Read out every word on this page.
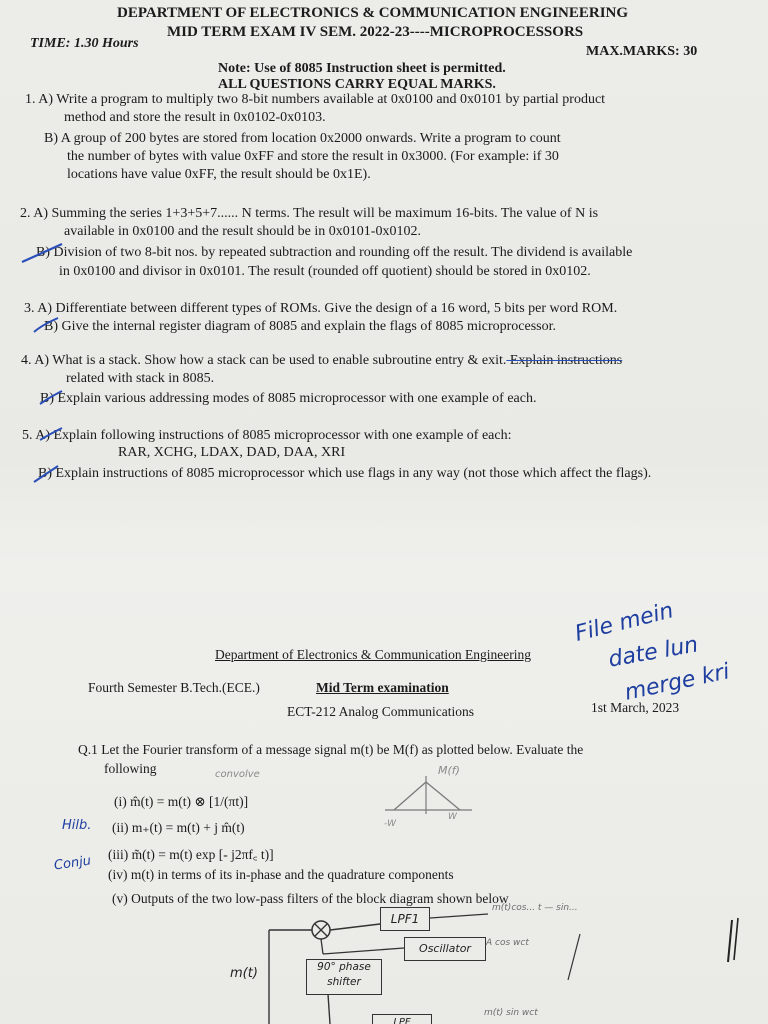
DEPARTMENT OF ELECTRONICS & COMMUNICATION ENGINEERING
MID TERM EXAM IV SEM. 2022-23----MICROPROCESSORS
TIME: 1.30 Hours
MAX.MARKS: 30
Note: Use of 8085 Instruction sheet is permitted.
ALL QUESTIONS CARRY EQUAL MARKS.
1. A) Write a program to multiply two 8-bit numbers available at 0x0100 and 0x0101 by partial product
method and store the result in 0x0102-0x0103.
B) A group of 200 bytes are stored from location 0x2000 onwards. Write a program to count
the number of bytes with value 0xFF and store the result in 0x3000. (For example: if 30
locations have value 0xFF, the result should be 0x1E).
2. A) Summing the series 1+3+5+7...... N terms. The result will be maximum 16-bits. The value of N is
available in 0x0100 and the result should be in 0x0101-0x0102.
B) Division of two 8-bit nos. by repeated subtraction and rounding off the result. The dividend is available
in 0x0100 and divisor in 0x0101. The result (rounded off quotient) should be stored in 0x0102.
3. A) Differentiate between different types of ROMs. Give the design of a 16 word, 5 bits per word ROM.
B) Give the internal register diagram of 8085 and explain the flags of 8085 microprocessor.
4. A) What is a stack. Show how a stack can be used to enable subroutine entry & exit. Explain instructions
related with stack in 8085.
B) Explain various addressing modes of 8085 microprocessor with one example of each.
5. A) Explain following instructions of 8085 microprocessor with one example of each:
RAR, XCHG, LDAX, DAD, DAA, XRI
B) Explain instructions of 8085 microprocessor which use flags in any way (not those which affect the flags).
Department of Electronics & Communication Engineering
Fourth Semester B.Tech.(ECE.)	Mid Term examination
ECT-212 Analog Communications	1st March, 2023
Q.1 Let the Fourier transform of a message signal m(t) be M(f) as plotted below. Evaluate the
following
(i) m̂(t) = m(t) ⊗ [1/(πt)]
(ii) m₊(t) = m(t) + j m̂(t)
(iii) m̃(t) = m(t) exp [- j2πf꜀ t)]
(iv) m(t) in terms of its in-phase and the quadrature components
(v) Outputs of the two low-pass filters of the block diagram shown below
File mein
date lun
merge kri
Hilb.
Conju
convolve	M(f)
-W
W
LPF1
Oscillator
90° phase shifter
LPF
m(t)
m(t)cos... t — sin...
A cos wct
m(t) sin wct
